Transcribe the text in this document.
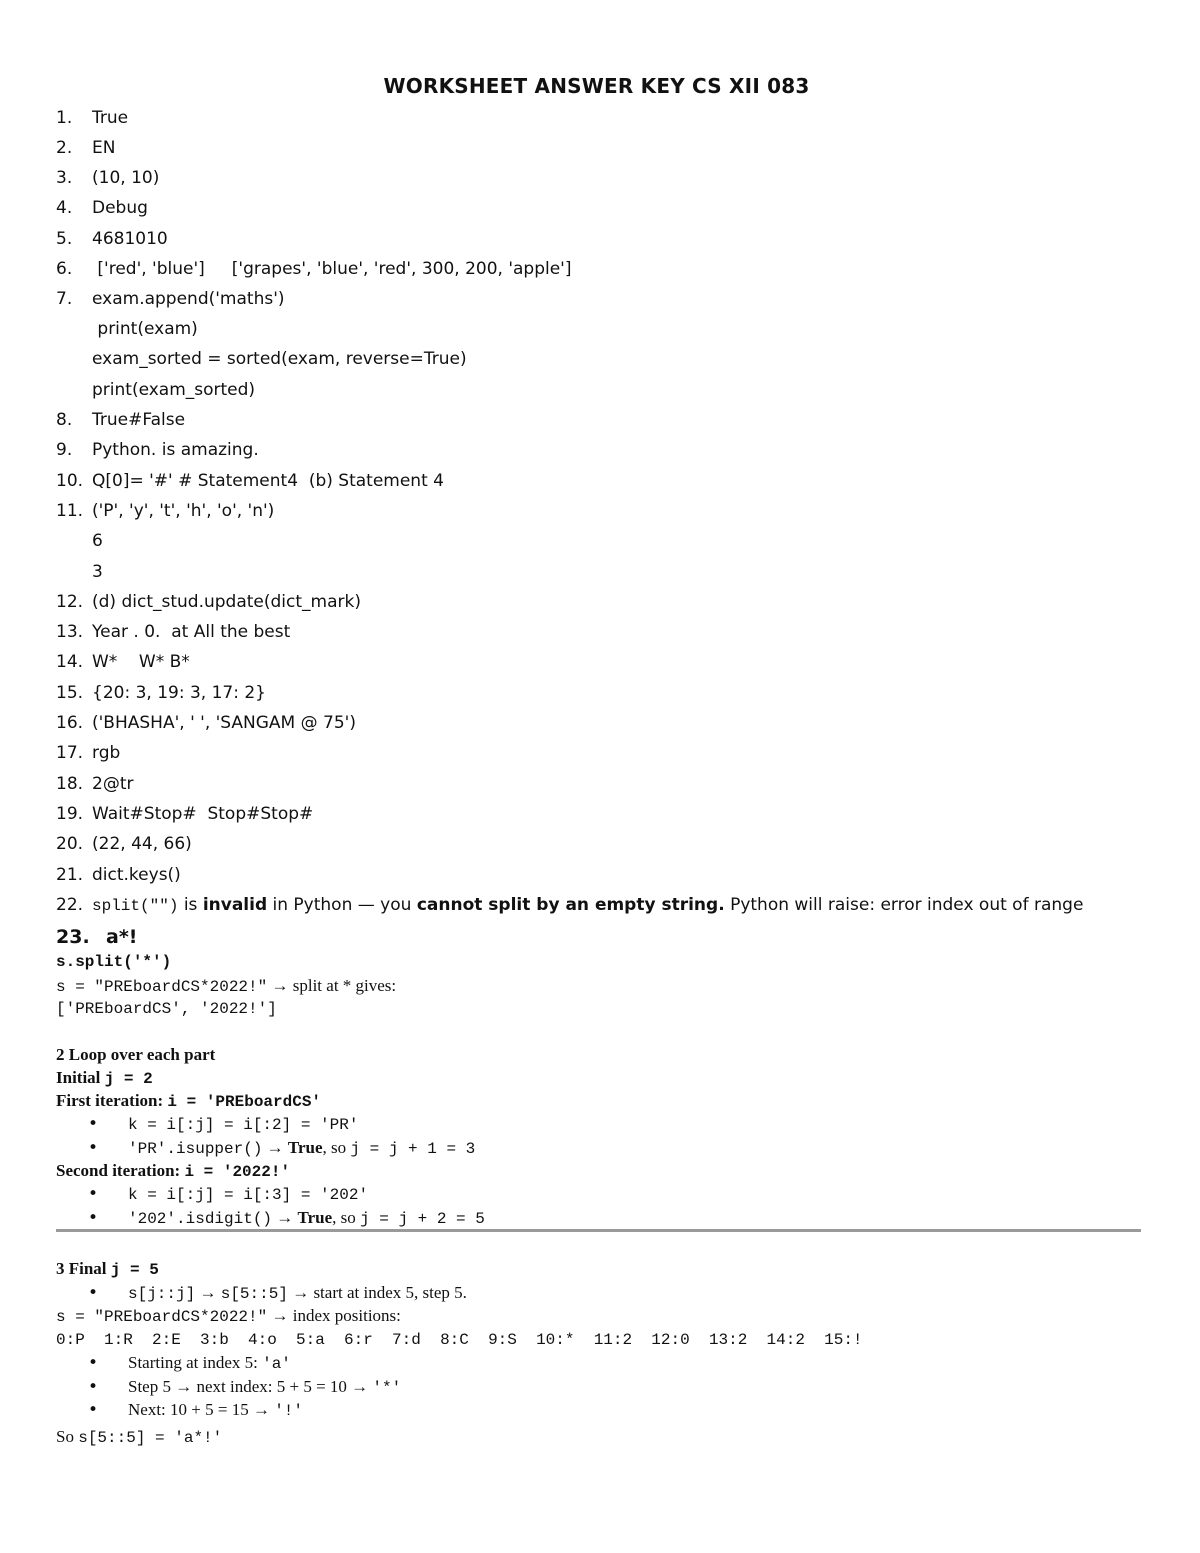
WORKSHEET ANSWER KEY CS XII 083
1. True
2. EN
3. (10, 10)
4. Debug
5. 4681010
6. ['red', 'blue']     ['grapes', 'blue', 'red', 300, 200, 'apple']
7. exam.append('maths')
print(exam)
exam_sorted = sorted(exam, reverse=True)
print(exam_sorted)
8. True#False
9. Python. is amazing.
10. Q[0]= '#' # Statement4  (b) Statement 4
11. ('P', 'y', 't', 'h', 'o', 'n')
6
3
12. (d) dict_stud.update(dict_mark)
13. Year . 0.  at All the best
14. W*    W* B*
15. {20: 3, 19: 3, 17: 2}
16. ('BHASHA', ' ', 'SANGAM @ 75')
17. rgb
18. 2@tr
19. Wait#Stop#  Stop#Stop#
20. (22, 44, 66)
21. dict.keys()
22. split("") is invalid in Python — you cannot split by an empty string. Python will raise: error index out of range
23. a*!
s.split('*')
s = "PREboardCS*2022!" → split at * gives:
['PREboardCS', '2022!']
2 Loop over each part
Initial j = 2
First iteration: i = 'PREboardCS'
• k = i[:j] = i[:2] = 'PR'
• 'PR'.isupper() → True, so j = j + 1 = 3
Second iteration: i = '2022!'
• k = i[:j] = i[:3] = '202'
• '202'.isdigit() → True, so j = j + 2 = 5
3 Final j = 5
• s[j::j] → s[5::5] → start at index 5, step 5.
s = "PREboardCS*2022!" → index positions:
0:P  1:R  2:E  3:b  4:o  5:a  6:r  7:d  8:C  9:S  10:*  11:2  12:0  13:2  14:2  15:!
• Starting at index 5: 'a'
• Step 5 → next index: 5 + 5 = 10 → '*'
• Next: 10 + 5 = 15 → '!'
So s[5::5] = 'a*!'
